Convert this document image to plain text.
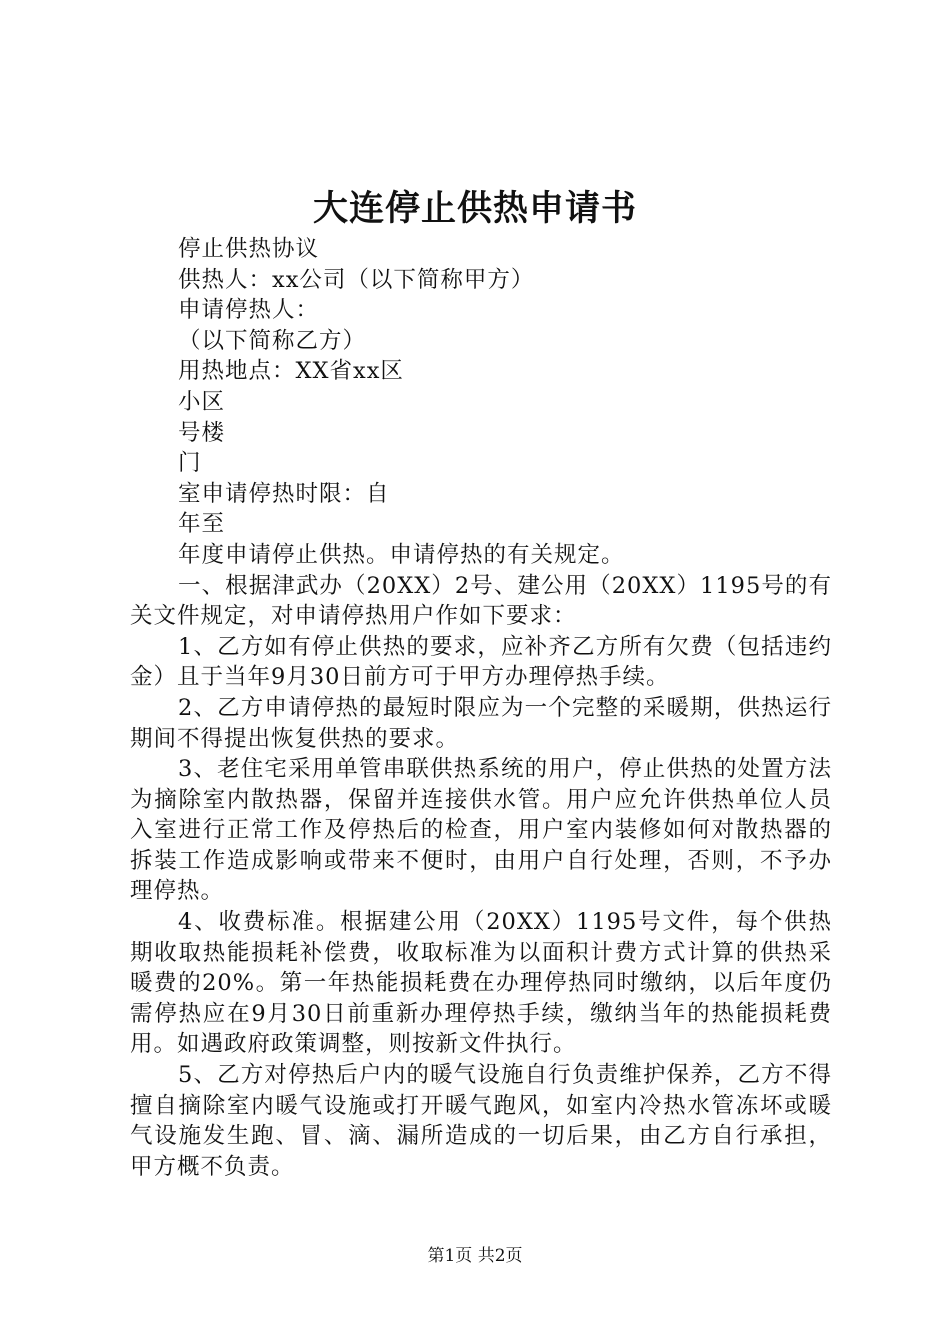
大连停止供热申请书
停止供热协议
供热人：xx公司（以下简称甲方）
申请停热人：
（以下简称乙方）
用热地点：XX省xx区
小区
号楼
门
室申请停热时限：自
年至
年度申请停止供热。申请停热的有关规定。

一、根据津武办（20XX）2号、建公用（20XX）1195号的有关文件规定，对申请停热用户作如下要求：

1、乙方如有停止供热的要求，应补齐乙方所有欠费（包括违约金）且于当年9月30日前方可于甲方办理停热手续。

2、乙方申请停热的最短时限应为一个完整的采暖期，供热运行期间不得提出恢复供热的要求。

3、老住宅采用单管串联供热系统的用户，停止供热的处置方法为摘除室内散热器，保留并连接供水管。用户应允许供热单位人员入室进行正常工作及停热后的检查，用户室内装修如何对散热器的拆装工作造成影响或带来不便时，由用户自行处理，否则，不予办理停热。

4、收费标准。根据建公用（20XX）1195号文件，每个供热期收取热能损耗补偿费，收取标准为以面积计费方式计算的供热采暖费的20%。第一年热能损耗费在办理停热同时缴纳，以后年度仍需停热应在9月30日前重新办理停热手续，缴纳当年的热能损耗费用。如遇政府政策调整，则按新文件执行。

5、乙方对停热后户内的暖气设施自行负责维护保养，乙方不得擅自摘除室内暖气设施或打开暖气跑风，如室内冷热水管冻坏或暖气设施发生跑、冒、滴、漏所造成的一切后果，由乙方自行承担，甲方概不负责。

第1页 共2页
